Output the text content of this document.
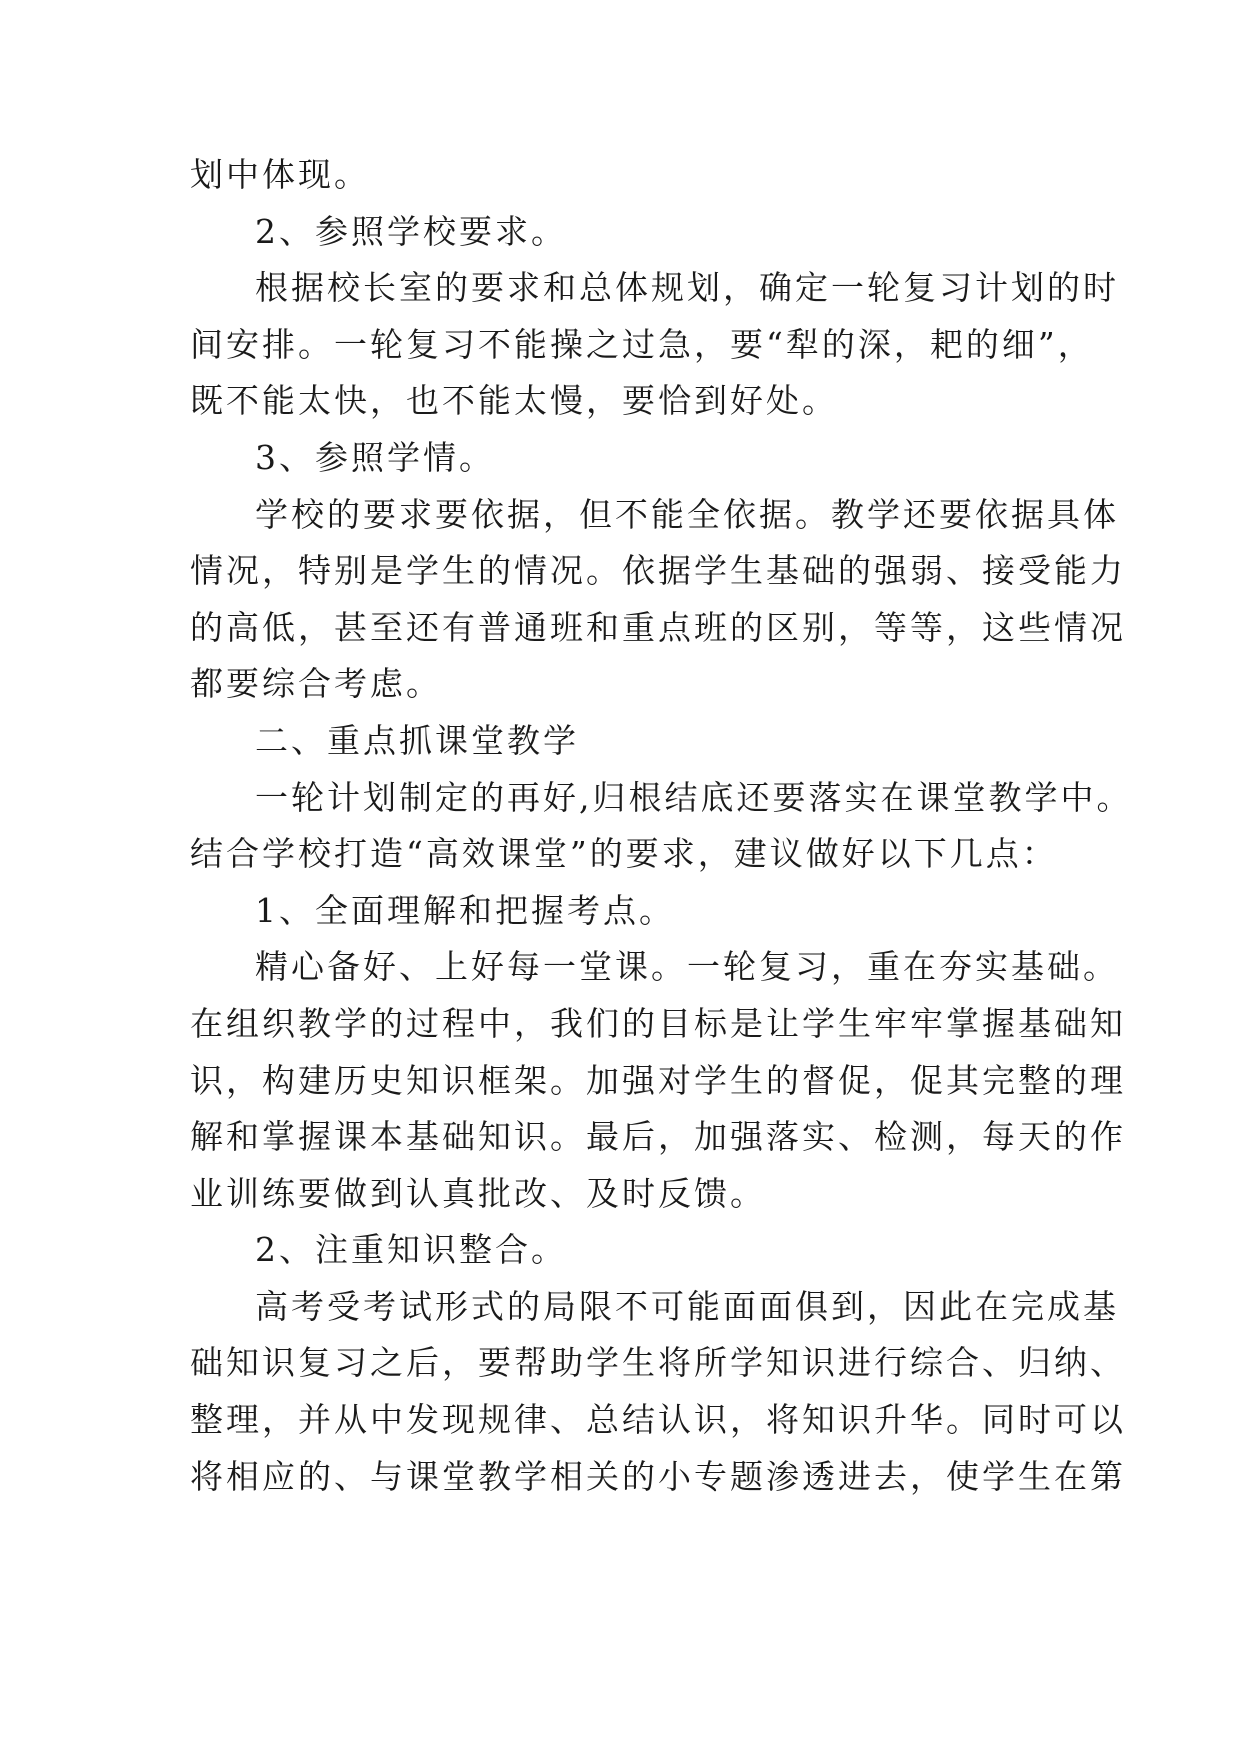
划中体现。

2、参照学校要求。

根据校长室的要求和总体规划，确定一轮复习计划的时

间安排。一轮复习不能操之过急，要“犁的深，耙的细”，

既不能太快，也不能太慢，要恰到好处。

3、参照学情。

学校的要求要依据，但不能全依据。教学还要依据具体

情况，特别是学生的情况。依据学生基础的强弱、接受能力

的高低，甚至还有普通班和重点班的区别，等等，这些情况

都要综合考虑。

二、重点抓课堂教学

一轮计划制定的再好,归根结底还要落实在课堂教学中。

结合学校打造“高效课堂”的要求，建议做好以下几点：

1、全面理解和把握考点。

精心备好、上好每一堂课。一轮复习，重在夯实基础。

在组织教学的过程中，我们的目标是让学生牢牢掌握基础知

识，构建历史知识框架。加强对学生的督促，促其完整的理

解和掌握课本基础知识。最后，加强落实、检测，每天的作

业训练要做到认真批改、及时反馈。

2、注重知识整合。

高考受考试形式的局限不可能面面俱到，因此在完成基

础知识复习之后，要帮助学生将所学知识进行综合、归纳、

整理，并从中发现规律、总结认识，将知识升华。同时可以

将相应的、与课堂教学相关的小专题渗透进去，使学生在第
